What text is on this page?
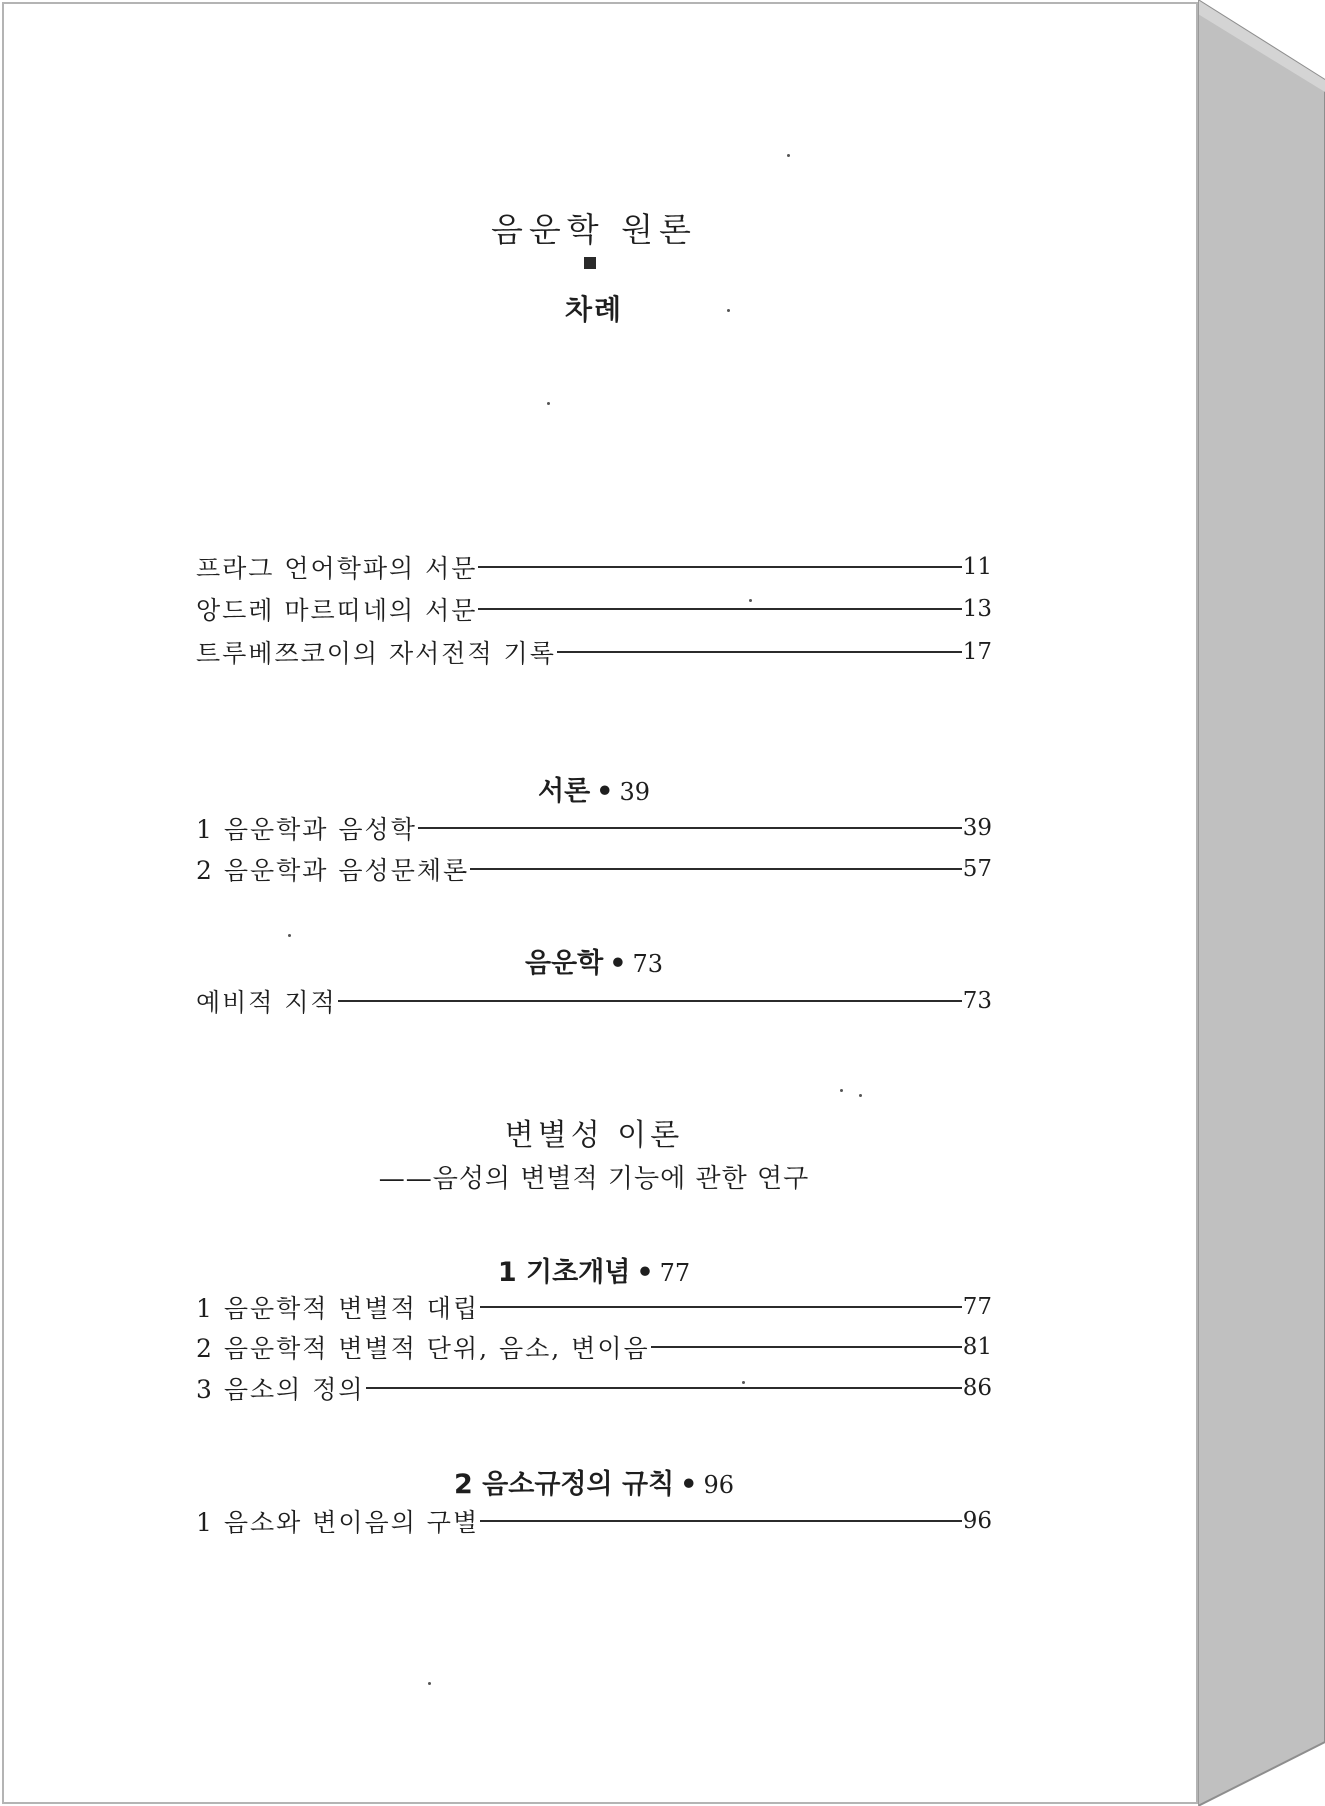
음운학 원론
차례
프라그 언어학파의 서문	11
앙드레 마르띠네의 서문	13
트루베쯔코이의 자서전적 기록	17
서론 • 39
1 음운학과 음성학	39
2 음운학과 음성문체론	57
음운학 • 73
예비적 지적	73
변별성 이론
——음성의 변별적 기능에 관한 연구
1 기초개념 • 77
1 음운학적 변별적 대립	77
2 음운학적 변별적 단위, 음소, 변이음	81
3 음소의 정의	86
2 음소규정의 규칙 • 96
1 음소와 변이음의 구별	96
